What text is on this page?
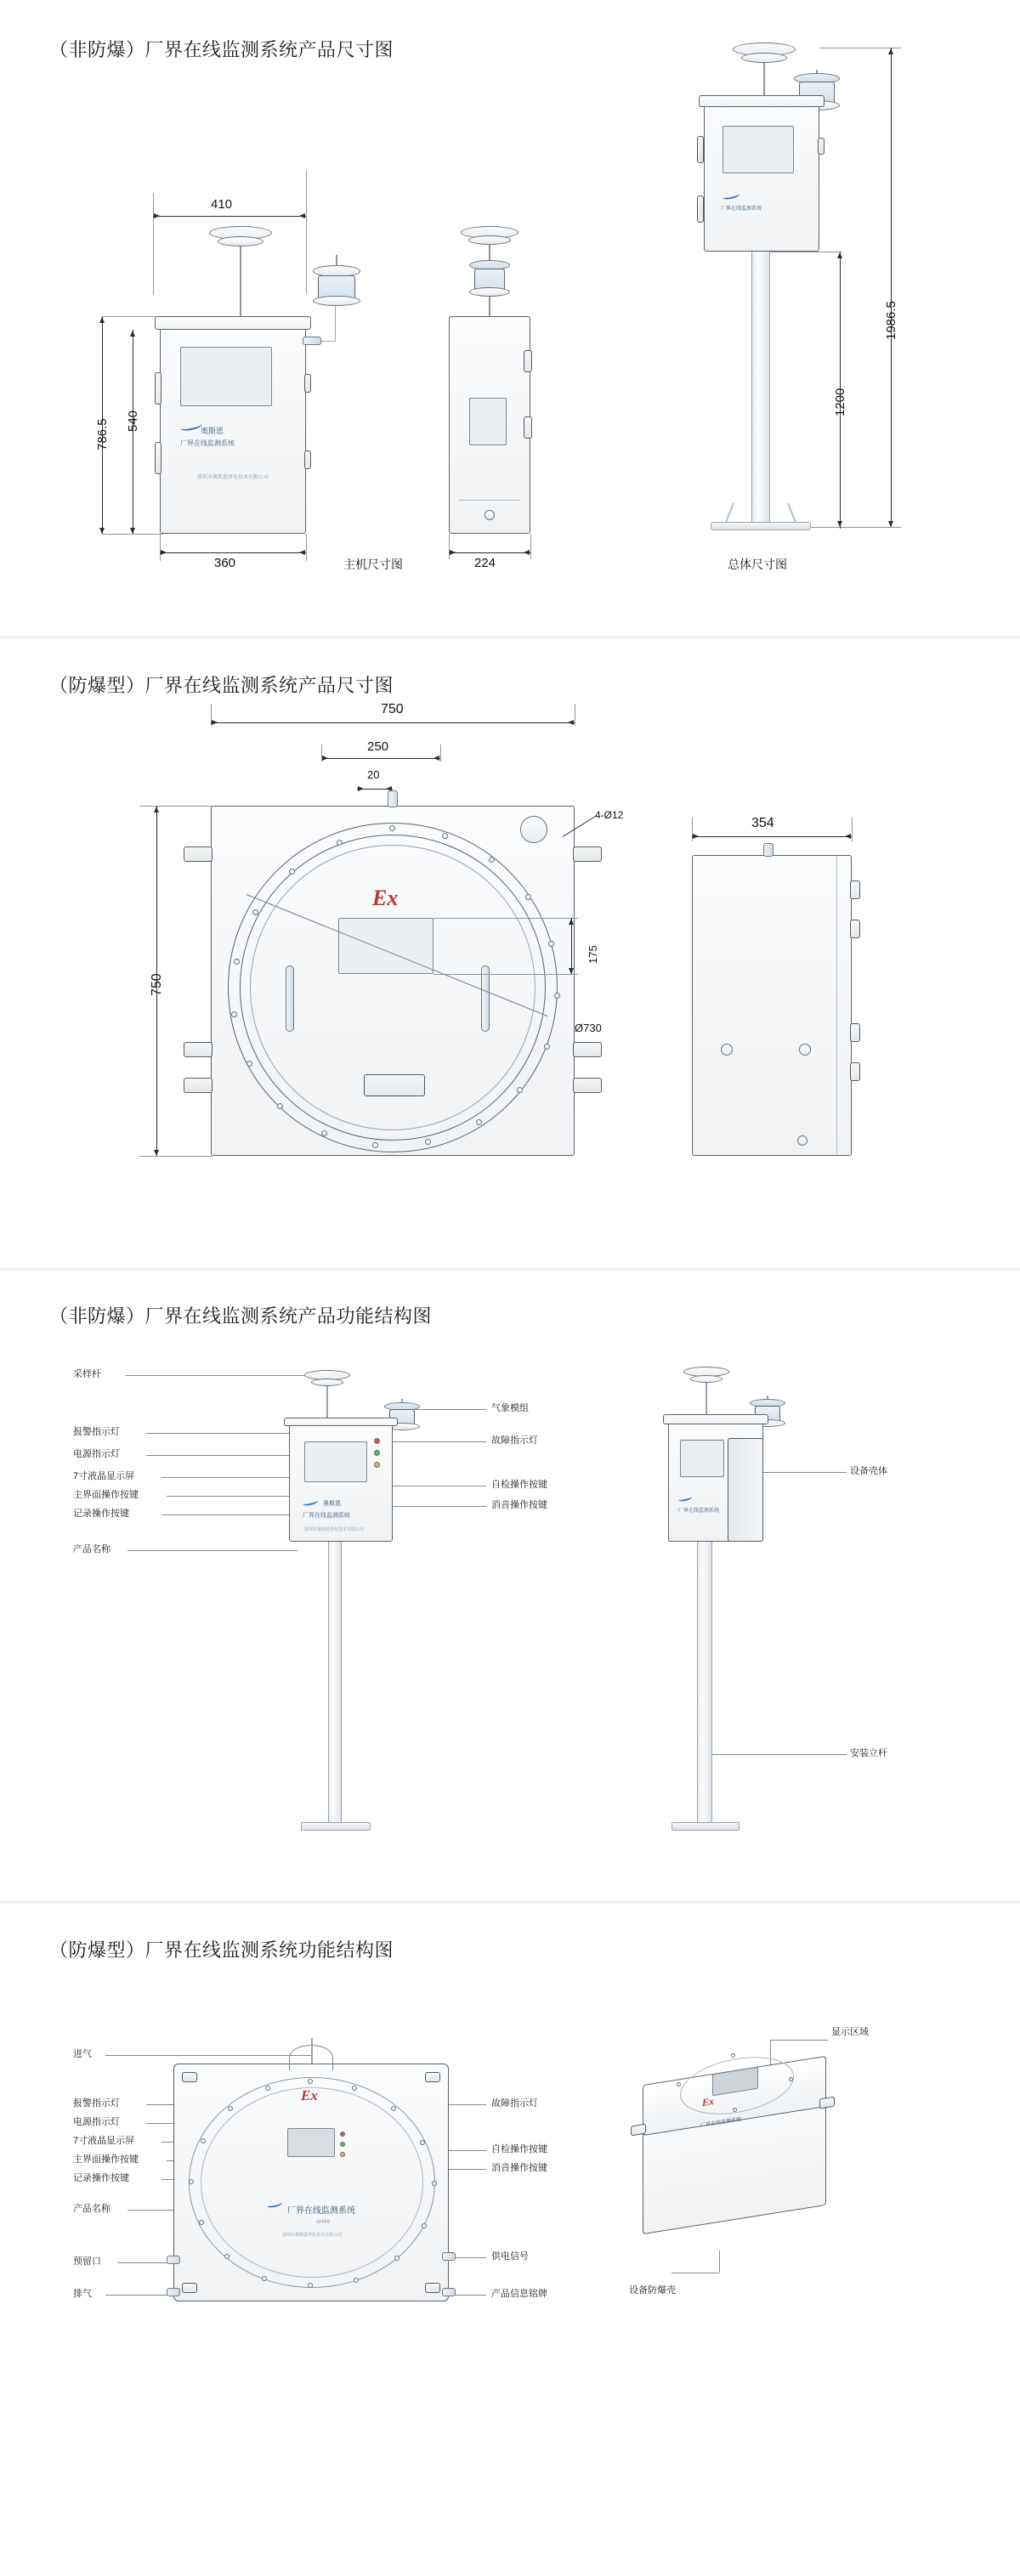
（非防爆）厂界在线监测系统产品尺寸图
410
奥斯恩
厂界在线监测系统
深圳市奥斯恩净化技术有限公司
786.5 540
360	主机尺寸图	224
厂界在线监测系统
1986.5
1200
总体尺寸图
（防爆型）厂界在线监测系统产品尺寸图
750
250
20
Ex
4-Ø12
750
175
Ø730
354
（非防爆）厂界在线监测系统产品功能结构图
采样杆
报警指示灯
电源指示灯
7寸液晶显示屏
主界面操作按键
记录操作按键
产品名称
气象模组
故障指示灯
自检操作按键
消音操作按键
设备壳体
安装立杆
奥斯恩
厂界在线监测系统
深圳市奥斯恩净化技术有限公司
厂界在线监测系统
（防爆型）厂界在线监测系统功能结构图
进气
报警指示灯
电源指示灯
7寸液晶显示屏
主界面操作按键
记录操作按键
产品名称
预留口
排气
故障指示灯
自检操作按键
消音操作按键
供电信号
产品信息铭牌
显示区域
设备防爆壳
Ex
厂界在线监测系统
AHK6
深圳市奥斯恩净化技术有限公司
Ex
厂界在线监测系统
